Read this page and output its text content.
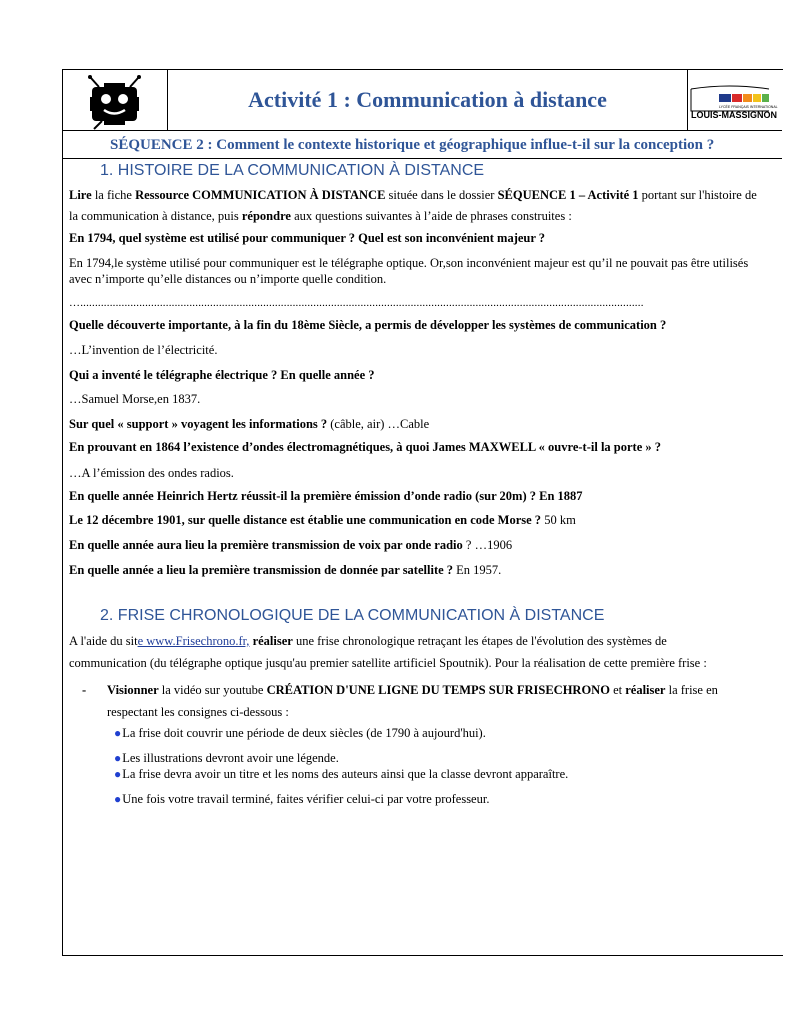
Activité 1 : Communication à distance	LYCÉE FRANÇAIS INTERNATIONAL
LOUIS-MASSIGNON
SÉQUENCE 2 : Comment le contexte historique et géographique influe-t-il sur la conception ?
1. HISTOIRE DE LA COMMUNICATION À DISTANCE
Lire la fiche Ressource COMMUNICATION À DISTANCE située dans le dossier SÉQUENCE 1 – Activité 1 portant sur l'histoire de
la communication à distance, puis répondre aux questions suivantes à l’aide de phrases construites :
En 1794, quel système est utilisé pour communiquer ? Quel est son inconvénient majeur ?
En 1794,le système utilisé pour communiquer est le télégraphe optique. Or,son inconvénient majeur est qu’il ne pouvait pas être utilisés
avec n’importe qu’elle distances ou n’importe quelle condition.
…...............................................................................................................................................................................................
Quelle découverte importante, à la fin du 18ème Siècle, a permis de développer les systèmes de communication ?
…L’invention de l’électricité.
Qui a inventé le télégraphe électrique ? En quelle année ?
…Samuel Morse,en 1837.
Sur quel « support » voyagent les informations ? (câble, air) …Cable
En prouvant en 1864 l’existence d’ondes électromagnétiques, à quoi James MAXWELL « ouvre-t-il la porte » ?
…A l’émission des ondes radios.
En quelle année Heinrich Hertz réussit-il la première émission d’onde radio (sur 20m) ? En 1887
Le 12 décembre 1901, sur quelle distance est établie une communication en code Morse ? 50 km
En quelle année aura lieu la première transmission de voix par onde radio ? …1906
En quelle année a lieu la première transmission de donnée par satellite ? En 1957.
2. FRISE CHRONOLOGIQUE DE LA COMMUNICATION À DISTANCE
A l'aide du site www.Frisechrono.fr, réaliser une frise chronologique retraçant les étapes de l'évolution des systèmes de
communication (du télégraphe optique jusqu'au premier satellite artificiel Spoutnik). Pour la réalisation de cette première frise :
- Visionner la vidéo sur youtube CRÉATION D'UNE LIGNE DU TEMPS SUR FRISECHRONO et réaliser la frise en
respectant les consignes ci-dessous :
●La frise doit couvrir une période de deux siècles (de 1790 à aujourd'hui).
●Les illustrations devront avoir une légende.
●La frise devra avoir un titre et les noms des auteurs ainsi que la classe devront apparaître.
●Une fois votre travail terminé, faites vérifier celui-ci par votre professeur.
